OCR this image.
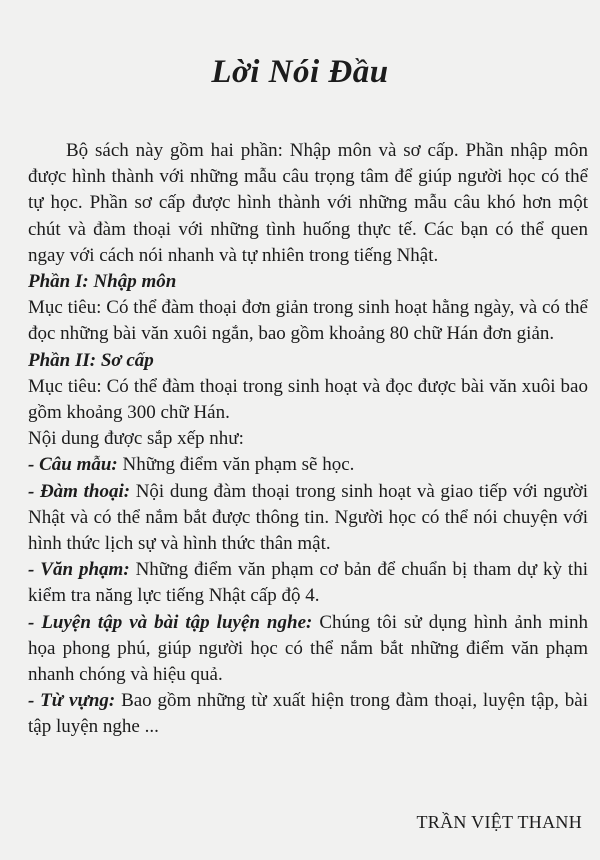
Lời Nói Đầu

Bộ sách này gồm hai phần: Nhập môn và sơ cấp. Phần nhập môn được hình thành với những mẫu câu trọng tâm để giúp người học có thể tự học. Phần sơ cấp được hình thành với những mẫu câu khó hơn một chút và đàm thoại với những tình huống thực tế. Các bạn có thể quen ngay với cách nói nhanh và tự nhiên trong tiếng Nhật.

Phần I: Nhập môn

Mục tiêu: Có thể đàm thoại đơn giản trong sinh hoạt hằng ngày, và có thể đọc những bài văn xuôi ngắn, bao gồm khoảng 80 chữ Hán đơn giản.

Phần II: Sơ cấp

Mục tiêu: Có thể đàm thoại trong sinh hoạt và đọc được bài văn xuôi bao gồm khoảng 300 chữ Hán.

Nội dung được sắp xếp như:

- Câu mẫu: Những điểm văn phạm sẽ học.

- Đàm thoại: Nội dung đàm thoại trong sinh hoạt và giao tiếp với người Nhật và có thể nắm bắt được thông tin. Người học có thể nói chuyện với hình thức lịch sự và hình thức thân mật.

- Văn phạm: Những điểm văn phạm cơ bản để chuẩn bị tham dự kỳ thi kiểm tra năng lực tiếng Nhật cấp độ 4.

- Luyện tập và bài tập luyện nghe: Chúng tôi sử dụng hình ảnh minh họa phong phú, giúp người học có thể nắm bắt những điểm văn phạm nhanh chóng và hiệu quả.

- Từ vựng: Bao gồm những từ xuất hiện trong đàm thoại, luyện tập, bài tập luyện nghe ...

TRẦN VIỆT THANH
